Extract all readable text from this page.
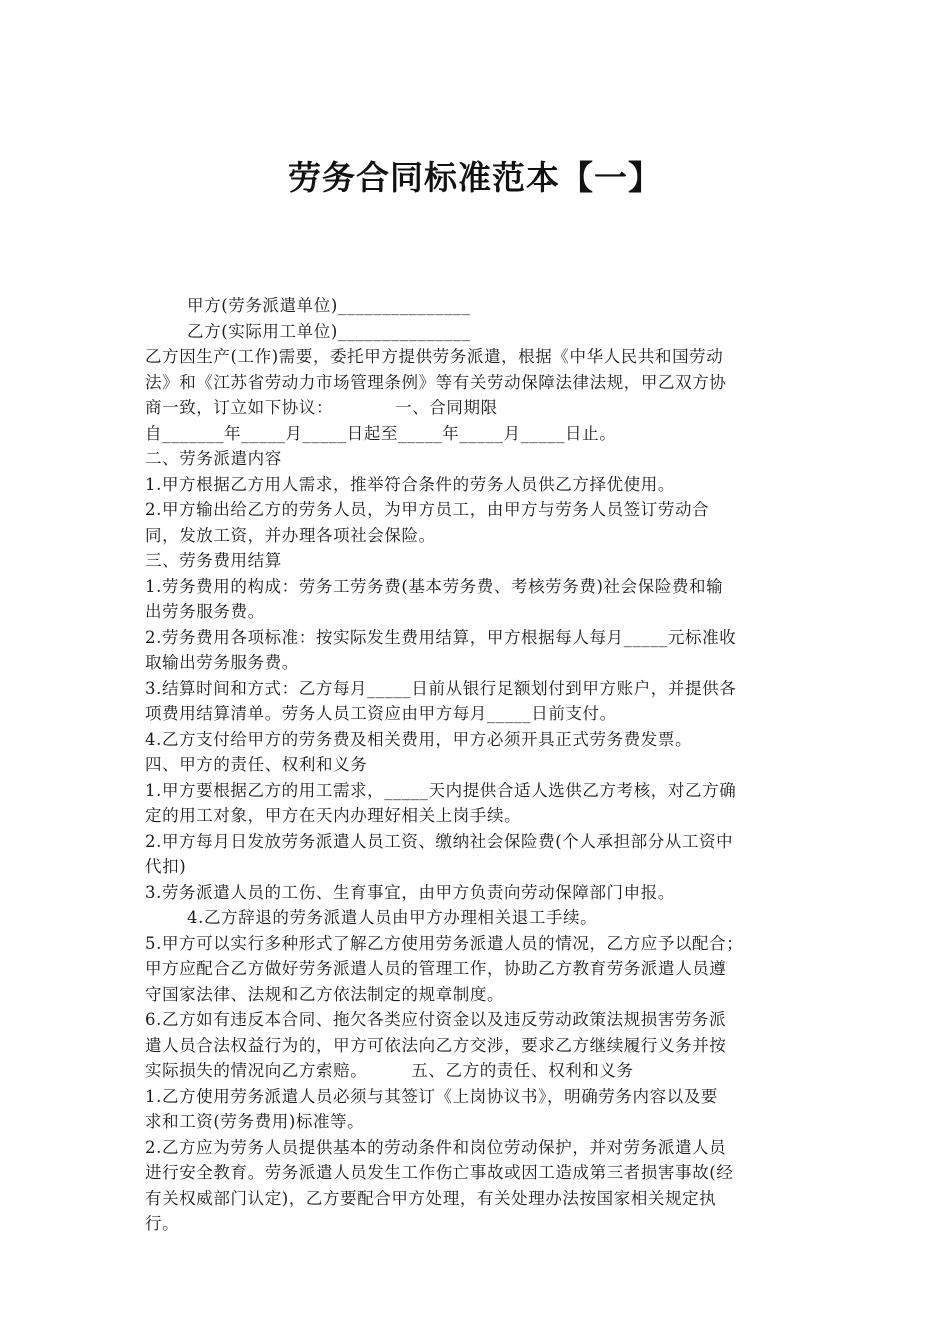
劳务合同标准范本【一】
甲方(劳务派遣单位)_______________
乙方(实际用工单位)_______________
乙方因生产(工作)需要，委托甲方提供劳务派遣，根据《中华人民共和国劳动
法》和《江苏省劳动力市场管理条例》等有关劳动保障法律法规，甲乙双方协
商一致，订立如下协议：	一、合同期限
自_______年_____月_____日起至_____年_____月_____日止。
二、劳务派遣内容
1.甲方根据乙方用人需求，推举符合条件的劳务人员供乙方择优使用。
2.甲方输出给乙方的劳务人员，为甲方员工，由甲方与劳务人员签订劳动合
同，发放工资，并办理各项社会保险。
三、劳务费用结算
1.劳务费用的构成：劳务工劳务费(基本劳务费、考核劳务费)社会保险费和输
出劳务服务费。
2.劳务费用各项标准：按实际发生费用结算，甲方根据每人每月_____元标准收
取输出劳务服务费。
3.结算时间和方式：乙方每月_____日前从银行足额划付到甲方账户，并提供各
项费用结算清单。劳务人员工资应由甲方每月_____日前支付。
4.乙方支付给甲方的劳务费及相关费用，甲方必须开具正式劳务费发票。
四、甲方的责任、权利和义务
1.甲方要根据乙方的用工需求，_____天内提供合适人选供乙方考核，对乙方确
定的用工对象，甲方在天内办理好相关上岗手续。
2.甲方每月日发放劳务派遣人员工资、缴纳社会保险费(个人承担部分从工资中
代扣)
3.劳务派遣人员的工伤、生育事宜，由甲方负责向劳动保障部门申报。
4.乙方辞退的劳务派遣人员由甲方办理相关退工手续。
5.甲方可以实行多种形式了解乙方使用劳务派遣人员的情况，乙方应予以配合；
甲方应配合乙方做好劳务派遣人员的管理工作，协助乙方教育劳务派遣人员遵
守国家法律、法规和乙方依法制定的规章制度。
6.乙方如有违反本合同、拖欠各类应付资金以及违反劳动政策法规损害劳务派
遣人员合法权益行为的，甲方可依法向乙方交涉，要求乙方继续履行义务并按
实际损失的情况向乙方索赔。	五、乙方的责任、权利和义务
1.乙方使用劳务派遣人员必须与其签订《上岗协议书》，明确劳务内容以及要
求和工资(劳务费用)标准等。
2.乙方应为劳务人员提供基本的劳动条件和岗位劳动保护，并对劳务派遣人员
进行安全教育。劳务派遣人员发生工作伤亡事故或因工造成第三者损害事故(经
有关权威部门认定)，乙方要配合甲方处理，有关处理办法按国家相关规定执
行。
